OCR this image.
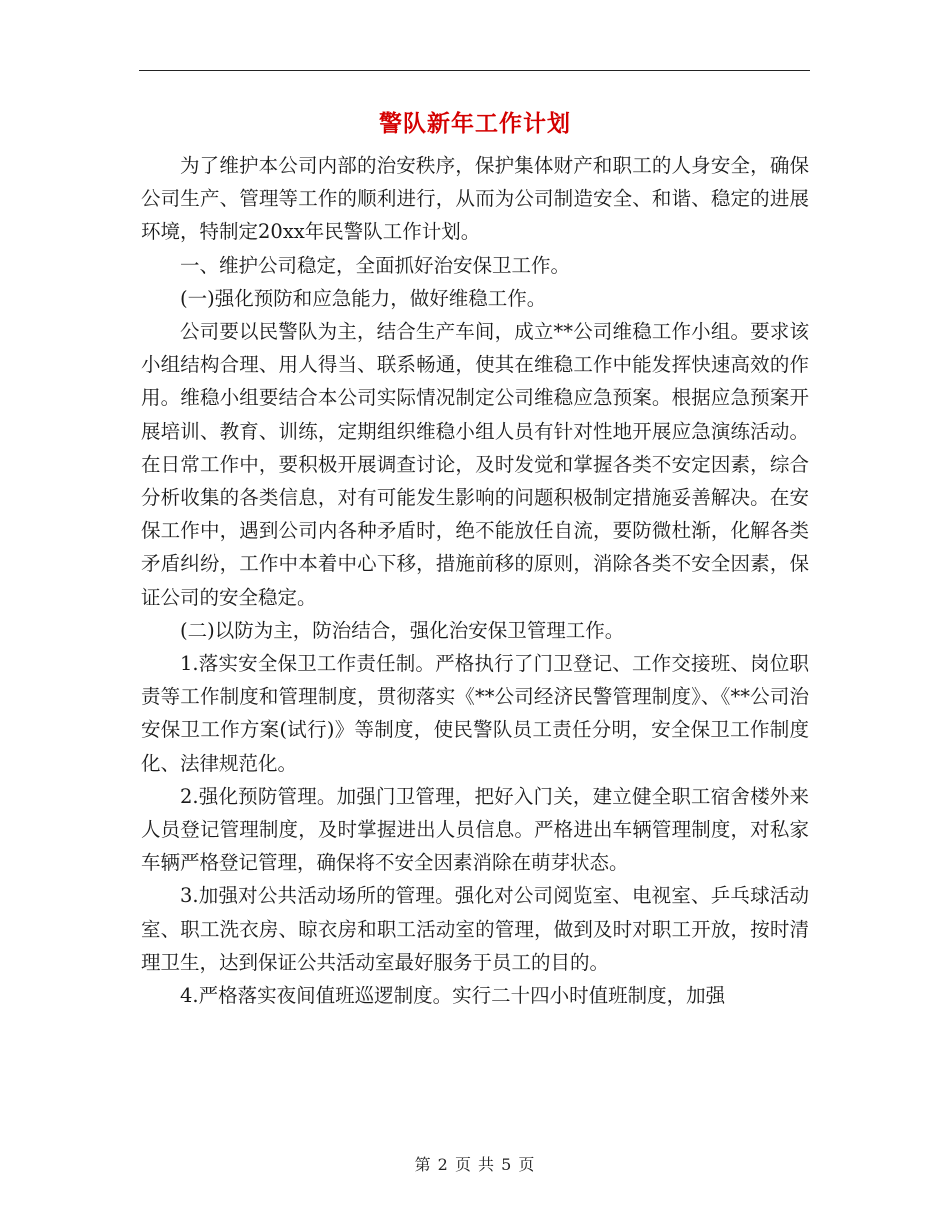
警队新年工作计划

为了维护本公司内部的治安秩序，保护集体财产和职工的人身安全，确保公司生产、管理等工作的顺利进行，从而为公司制造安全、和谐、稳定的进展环境，特制定20xx年民警队工作计划。

一、维护公司稳定，全面抓好治安保卫工作。

(一)强化预防和应急能力，做好维稳工作。

公司要以民警队为主，结合生产车间，成立**公司维稳工作小组。要求该小组结构合理、用人得当、联系畅通，使其在维稳工作中能发挥快速高效的作用。维稳小组要结合本公司实际情况制定公司维稳应急预案。根据应急预案开展培训、教育、训练，定期组织维稳小组人员有针对性地开展应急演练活动。在日常工作中，要积极开展调查讨论，及时发觉和掌握各类不安定因素，综合分析收集的各类信息，对有可能发生影响的问题积极制定措施妥善解决。在安保工作中，遇到公司内各种矛盾时，绝不能放任自流，要防微杜渐，化解各类矛盾纠纷，工作中本着中心下移，措施前移的原则，消除各类不安全因素，保证公司的安全稳定。

(二)以防为主，防治结合，强化治安保卫管理工作。

1.落实安全保卫工作责任制。严格执行了门卫登记、工作交接班、岗位职责等工作制度和管理制度，贯彻落实《**公司经济民警管理制度》、《**公司治安保卫工作方案(试行)》等制度，使民警队员工责任分明，安全保卫工作制度化、法律规范化。

2.强化预防管理。加强门卫管理，把好入门关，建立健全职工宿舍楼外来人员登记管理制度，及时掌握进出人员信息。严格进出车辆管理制度，对私家车辆严格登记管理，确保将不安全因素消除在萌芽状态。

3.加强对公共活动场所的管理。强化对公司阅览室、电视室、乒乓球活动室、职工洗衣房、晾衣房和职工活动室的管理，做到及时对职工开放，按时清理卫生，达到保证公共活动室最好服务于员工的目的。

4.严格落实夜间值班巡逻制度。实行二十四小时值班制度，加强

第 2 页 共 5 页
